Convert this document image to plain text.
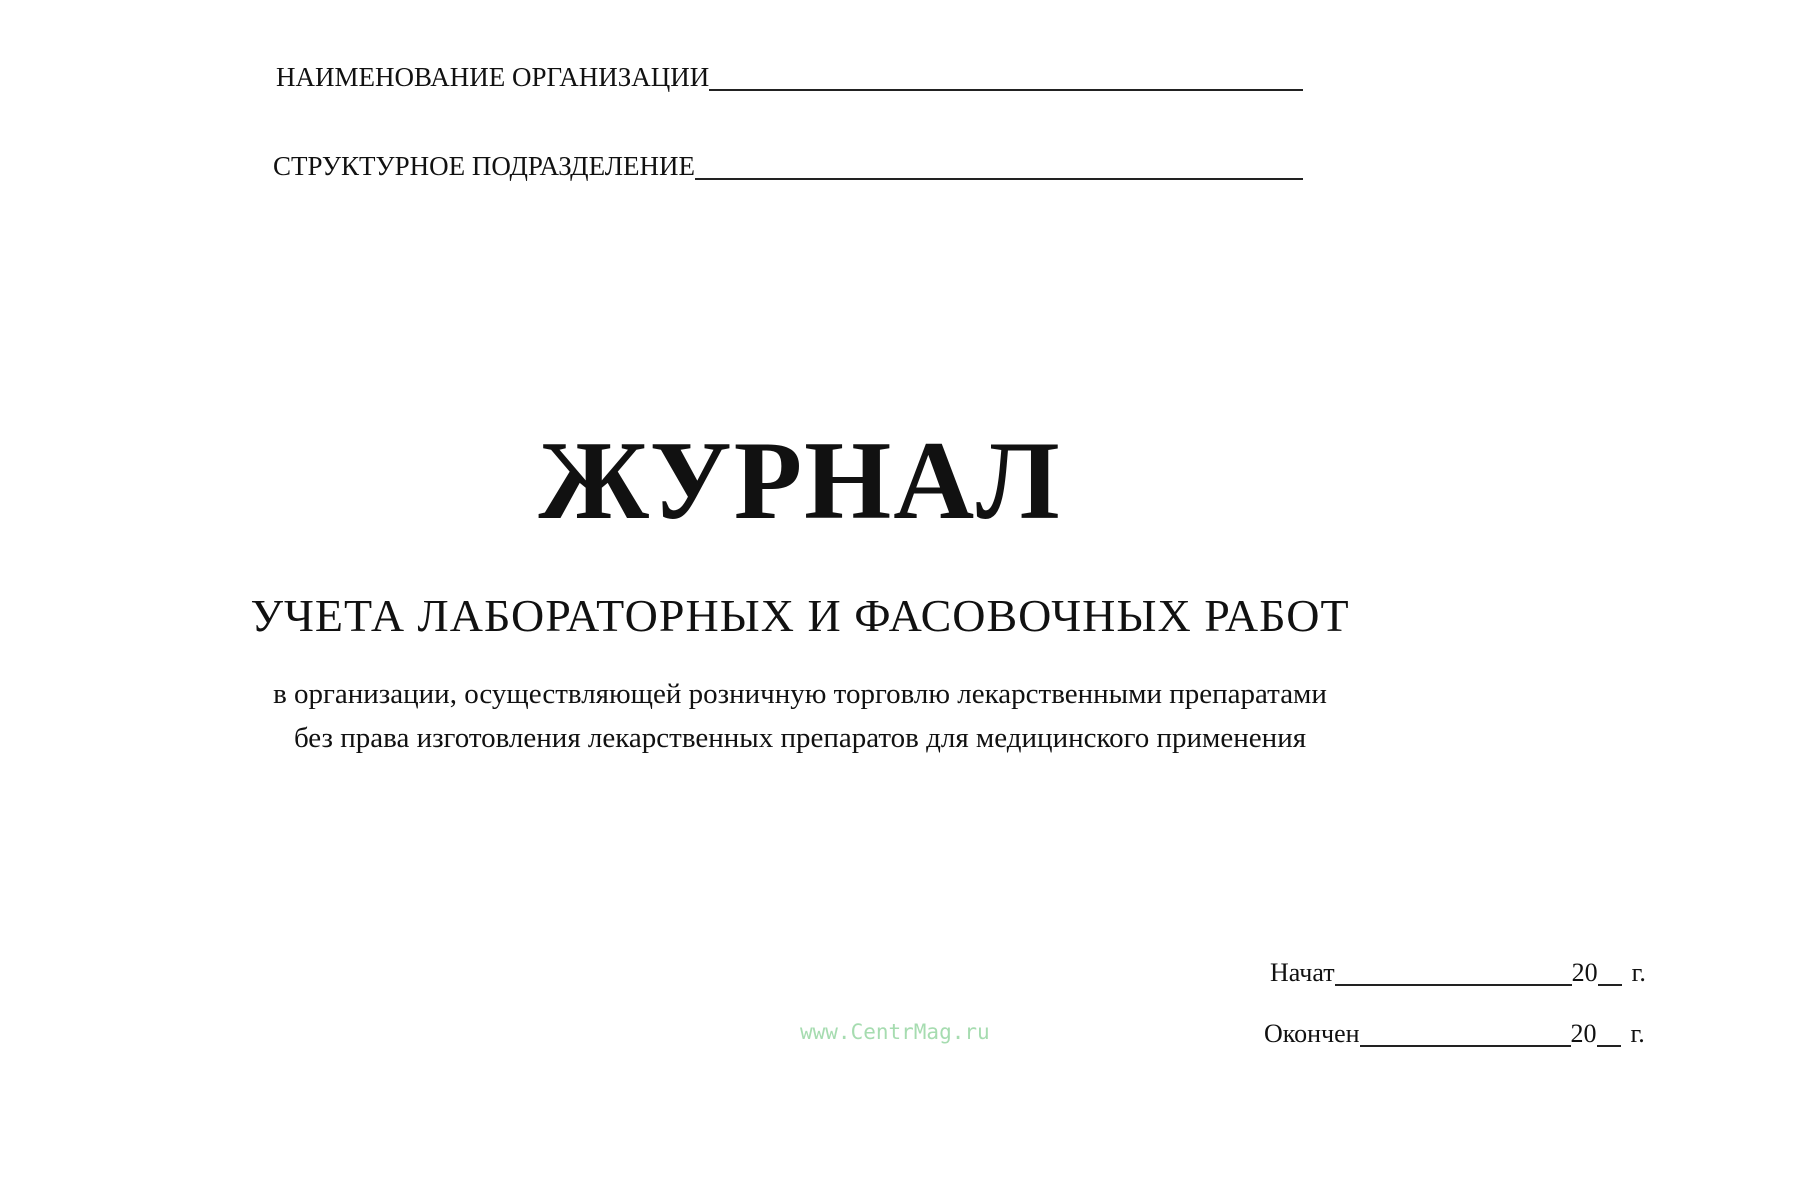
НАИМЕНОВАНИЕ ОРГАНИЗАЦИИ
СТРУКТУРНОЕ ПОДРАЗДЕЛЕНИЕ
ЖУРНАЛ
УЧЕТА ЛАБОРАТОРНЫХ И ФАСОВОЧНЫХ РАБОТ
в организации, осуществляющей розничную торговлю лекарственными препаратами
без права изготовления лекарственных препаратов для медицинского применения
www.CentrMag.ru
Начат	20 г.
Окончен	20 г.
